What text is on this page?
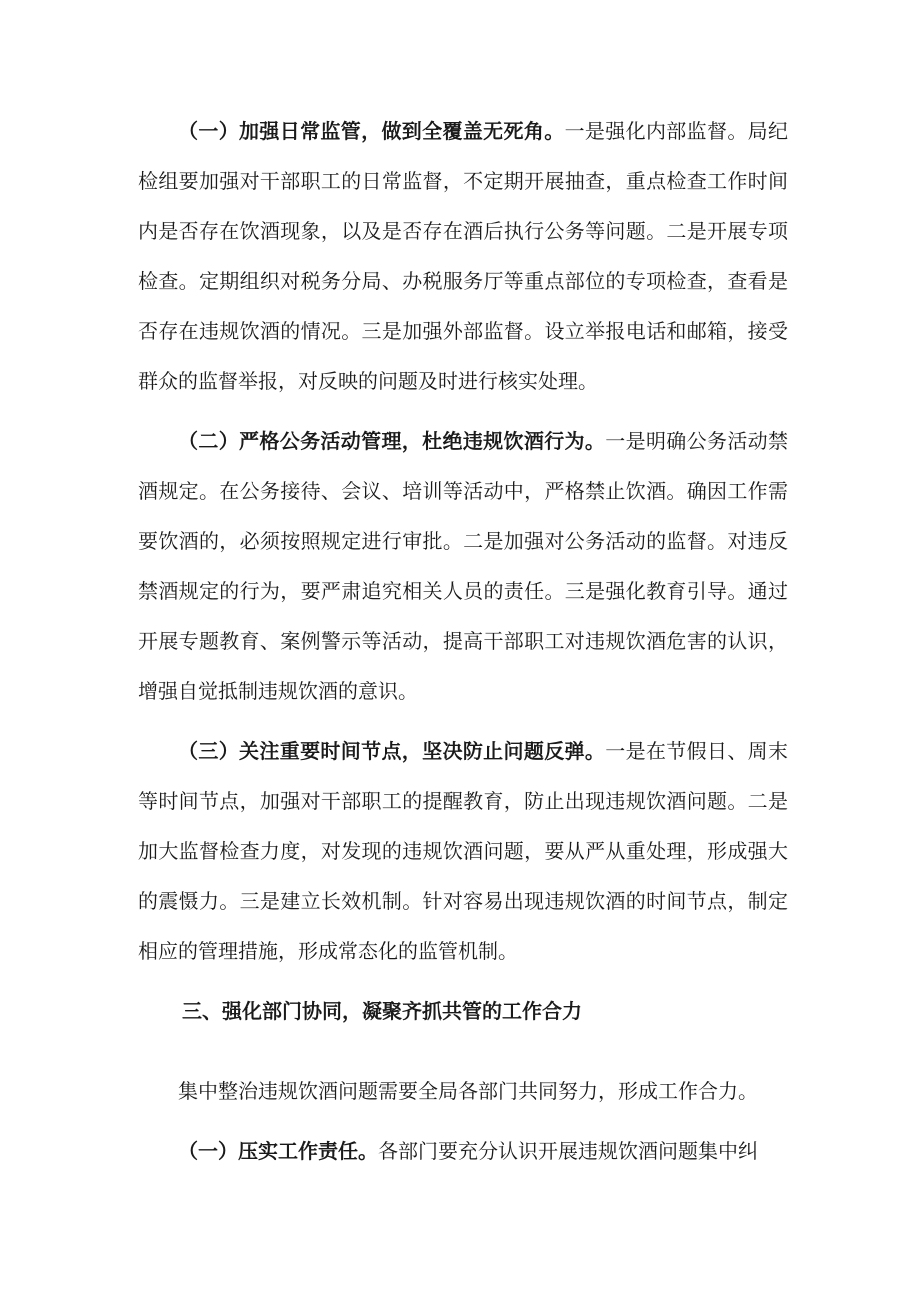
（一）加强日常监管，做到全覆盖无死角。一是强化内部监督。局纪检组要加强对干部职工的日常监督，不定期开展抽查，重点检查工作时间内是否存在饮酒现象，以及是否存在酒后执行公务等问题。二是开展专项检查。定期组织对税务分局、办税服务厅等重点部位的专项检查，查看是否存在违规饮酒的情况。三是加强外部监督。设立举报电话和邮箱，接受群众的监督举报，对反映的问题及时进行核实处理。

（二）严格公务活动管理，杜绝违规饮酒行为。一是明确公务活动禁酒规定。在公务接待、会议、培训等活动中，严格禁止饮酒。确因工作需要饮酒的，必须按照规定进行审批。二是加强对公务活动的监督。对违反禁酒规定的行为，要严肃追究相关人员的责任。三是强化教育引导。通过开展专题教育、案例警示等活动，提高干部职工对违规饮酒危害的认识，增强自觉抵制违规饮酒的意识。

（三）关注重要时间节点，坚决防止问题反弹。一是在节假日、周末等时间节点，加强对干部职工的提醒教育，防止出现违规饮酒问题。二是加大监督检查力度，对发现的违规饮酒问题，要从严从重处理，形成强大的震慑力。三是建立长效机制。针对容易出现违规饮酒的时间节点，制定相应的管理措施，形成常态化的监管机制。

三、强化部门协同，凝聚齐抓共管的工作合力

集中整治违规饮酒问题需要全局各部门共同努力，形成工作合力。

（一）压实工作责任。各部门要充分认识开展违规饮酒问题集中纠
